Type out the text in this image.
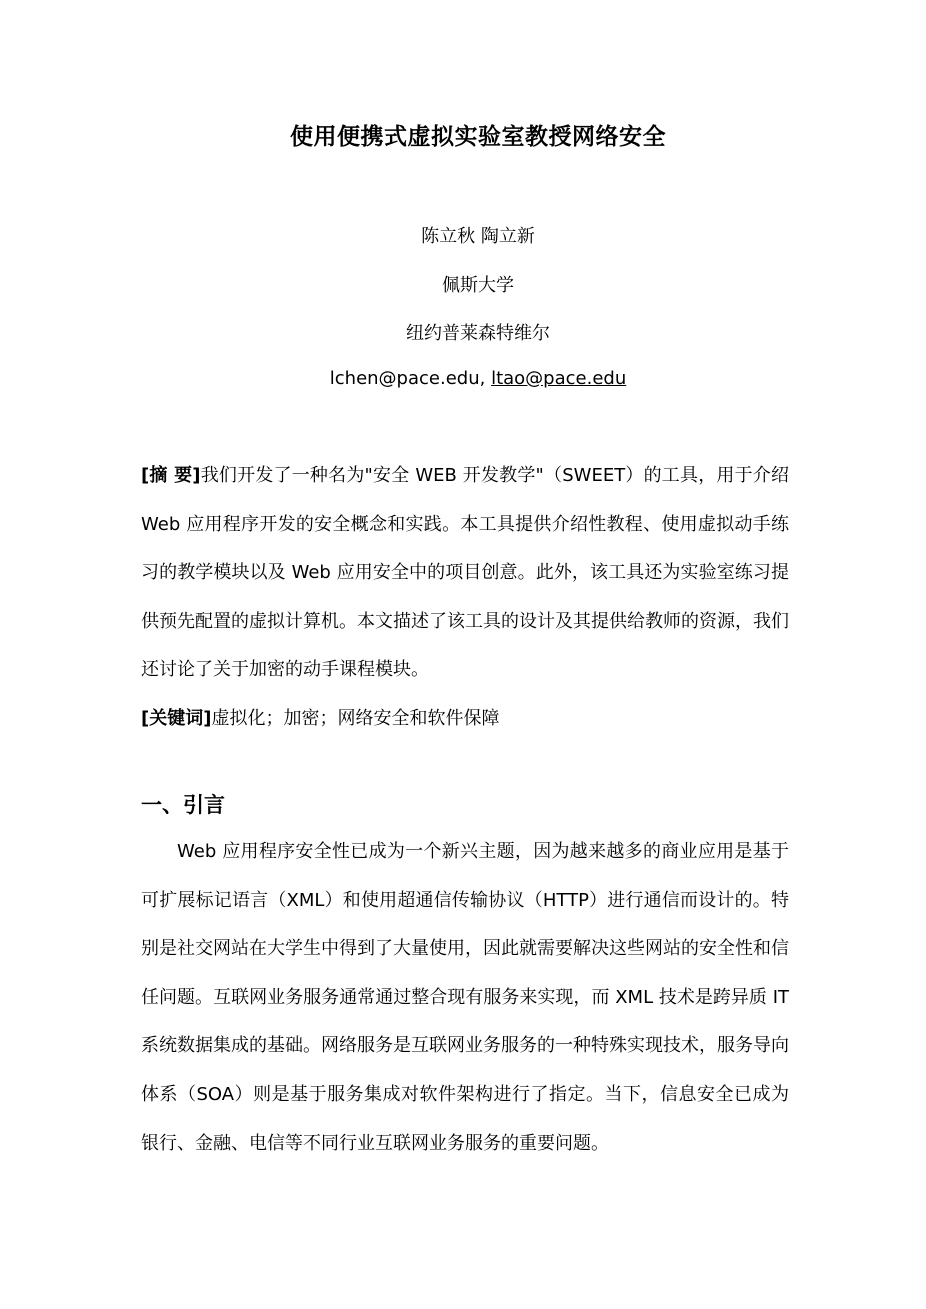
使用便携式虚拟实验室教授网络安全
陈立秋 陶立新
佩斯大学
纽约普莱森特维尔
lchen@pace.edu, ltao@pace.edu
[摘 要]我们开发了一种名为"安全 WEB 开发教学"（SWEET）的工具，用于介绍 Web 应用程序开发的安全概念和实践。本工具提供介绍性教程、使用虚拟动手练习的教学模块以及 Web 应用安全中的项目创意。此外，该工具还为实验室练习提供预先配置的虚拟计算机。本文描述了该工具的设计及其提供给教师的资源，我们还讨论了关于加密的动手课程模块。
[关键词]虚拟化；加密；网络安全和软件保障
一、引言
Web 应用程序安全性已成为一个新兴主题，因为越来越多的商业应用是基于可扩展标记语言（XML）和使用超通信传输协议（HTTP）进行通信而设计的。特别是社交网站在大学生中得到了大量使用，因此就需要解决这些网站的安全性和信任问题。互联网业务服务通常通过整合现有服务来实现，而 XML 技术是跨异质 IT 系统数据集成的基础。网络服务是互联网业务服务的一种特殊实现技术，服务导向体系（SOA）则是基于服务集成对软件架构进行了指定。当下，信息安全已成为银行、金融、电信等不同行业互联网业务服务的重要问题。
